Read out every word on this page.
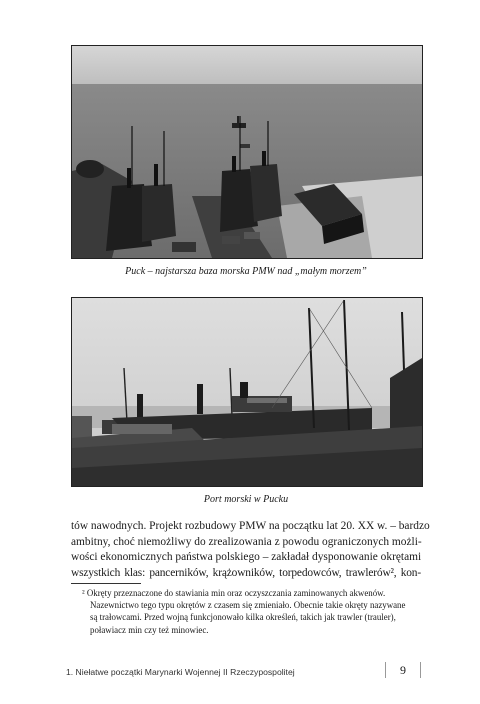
Puck – najstarsza baza morska PMW nad „małym morzem”
Port morski w Pucku
tów nawodnych. Projekt rozbudowy PMW na początku lat 20. XX w. – bardzo
ambitny, choć niemożliwy do zrealizowania z powodu ograniczonych możli-
wości ekonomicznych państwa polskiego – zakładał dysponowanie okrętami
wszystkich klas: pancerników, krążowników, torpedowców, trawlerów², kon-
² Okręty przeznaczone do stawiania min oraz oczyszczania zaminowanych akwenów.
Nazewnictwo tego typu okrętów z czasem się zmieniało. Obecnie takie okręty nazywane
są trałowcami. Przed wojną funkcjonowało kilka określeń, takich jak trawler (trauler),
poławiacz min czy też minowiec.
1. Niełatwe początki Marynarki Wojennej II Rzeczypospolitej	9
